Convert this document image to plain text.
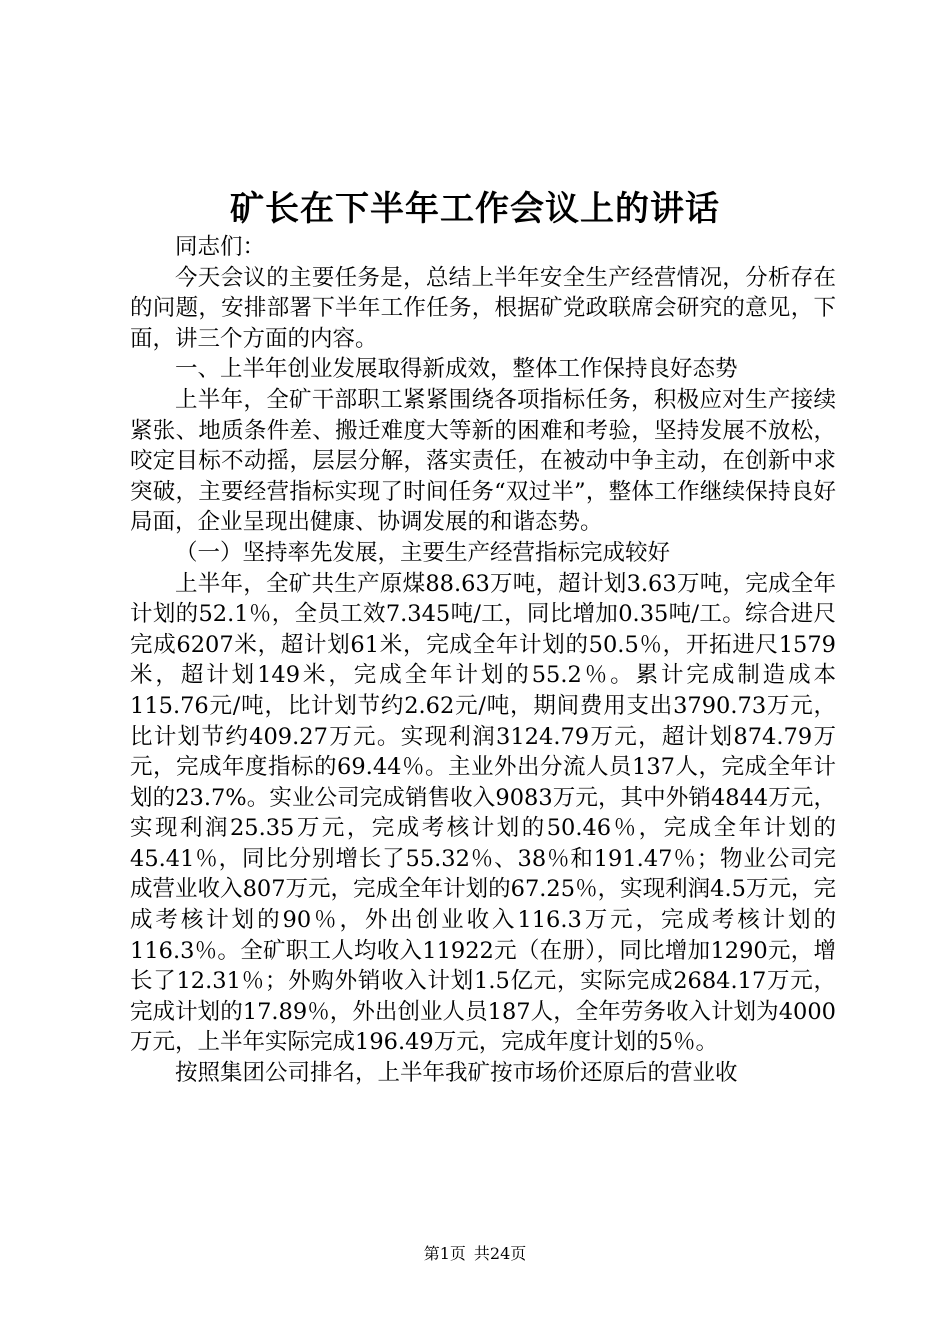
矿长在下半年工作会议上的讲话

同志们：

今天会议的主要任务是，总结上半年安全生产经营情况，分析存在的问题，安排部署下半年工作任务，根据矿党政联席会研究的意见，下面，讲三个方面的内容。

一、上半年创业发展取得新成效，整体工作保持良好态势

上半年，全矿干部职工紧紧围绕各项指标任务，积极应对生产接续紧张、地质条件差、搬迁难度大等新的困难和考验，坚持发展不放松，咬定目标不动摇，层层分解，落实责任，在被动中争主动，在创新中求突破，主要经营指标实现了时间任务“双过半”，整体工作继续保持良好局面，企业呈现出健康、协调发展的和谐态势。

（一）坚持率先发展，主要生产经营指标完成较好

上半年，全矿共生产原煤88.63万吨，超计划3.63万吨，完成全年计划的52.1％，全员工效7.345吨/工，同比增加0.35吨/工。综合进尺完成6207米，超计划61米，完成全年计划的50.5％，开拓进尺1579米，超计划149米，完成全年计划的55.2％。累计完成制造成本115.76元/吨，比计划节约2.62元/吨，期间费用支出3790.73万元，比计划节约409.27万元。实现利润3124.79万元，超计划874.79万元，完成年度指标的69.44％。主业外出分流人员137人，完成全年计划的23.7%。实业公司完成销售收入9083万元，其中外销4844万元，实现利润25.35万元，完成考核计划的50.46％，完成全年计划的45.41％，同比分别增长了55.32％、38％和191.47％；物业公司完成营业收入807万元，完成全年计划的67.25％，实现利润4.5万元，完成考核计划的90％，外出创业收入116.3万元，完成考核计划的116.3％。全矿职工人均收入11922元（在册），同比增加1290元，增长了12.31％；外购外销收入计划1.5亿元，实际完成2684.17万元，完成计划的17.89％，外出创业人员187人，全年劳务收入计划为4000万元，上半年实际完成196.49万元，完成年度计划的5％。

按照集团公司排名，上半年我矿按市场价还原后的营业收

第1页 共24页
